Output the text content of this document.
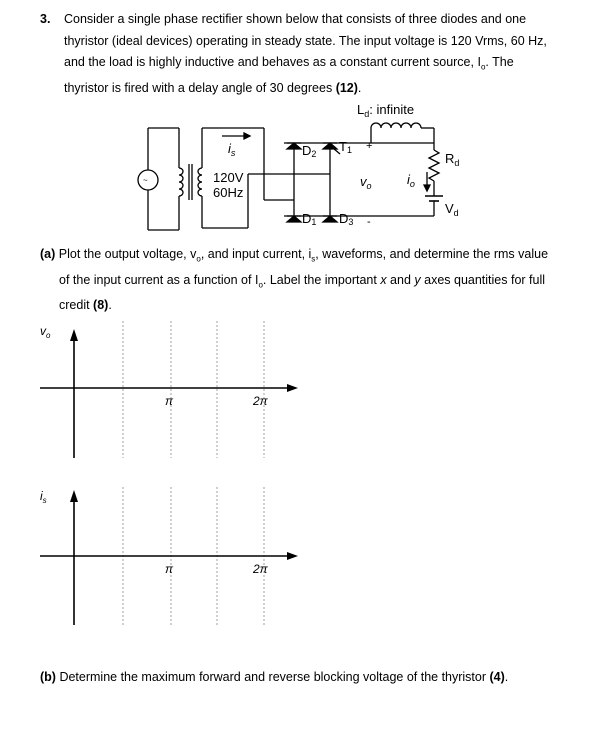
3. Consider a single phase rectifier shown below that consists of three diodes and one
thyristor (ideal devices) operating in steady state. The input voltage is 120 Vrms, 60 Hz,
and the load is highly inductive and behaves as a constant current source, $I_o$. The
thyristor is fired with a delay angle of 30 degrees (12).
$L_d$: infinite
~
$i_s$
120V
60Hz
D2 T1
D1 D3
+
-
$v_o$	$i_o$
$R_d$
$V_d$
$v_o$
π	2π
$i_s$
π	2π
(a) Plot the output voltage, $v_o$, and input current, $i_s$, waveforms, and determine the rms value
of the input current as a function of $I_o$. Label the important x and y axes quantities for full
credit (8).
(b) Determine the maximum forward and reverse blocking voltage of the thyristor (4).
